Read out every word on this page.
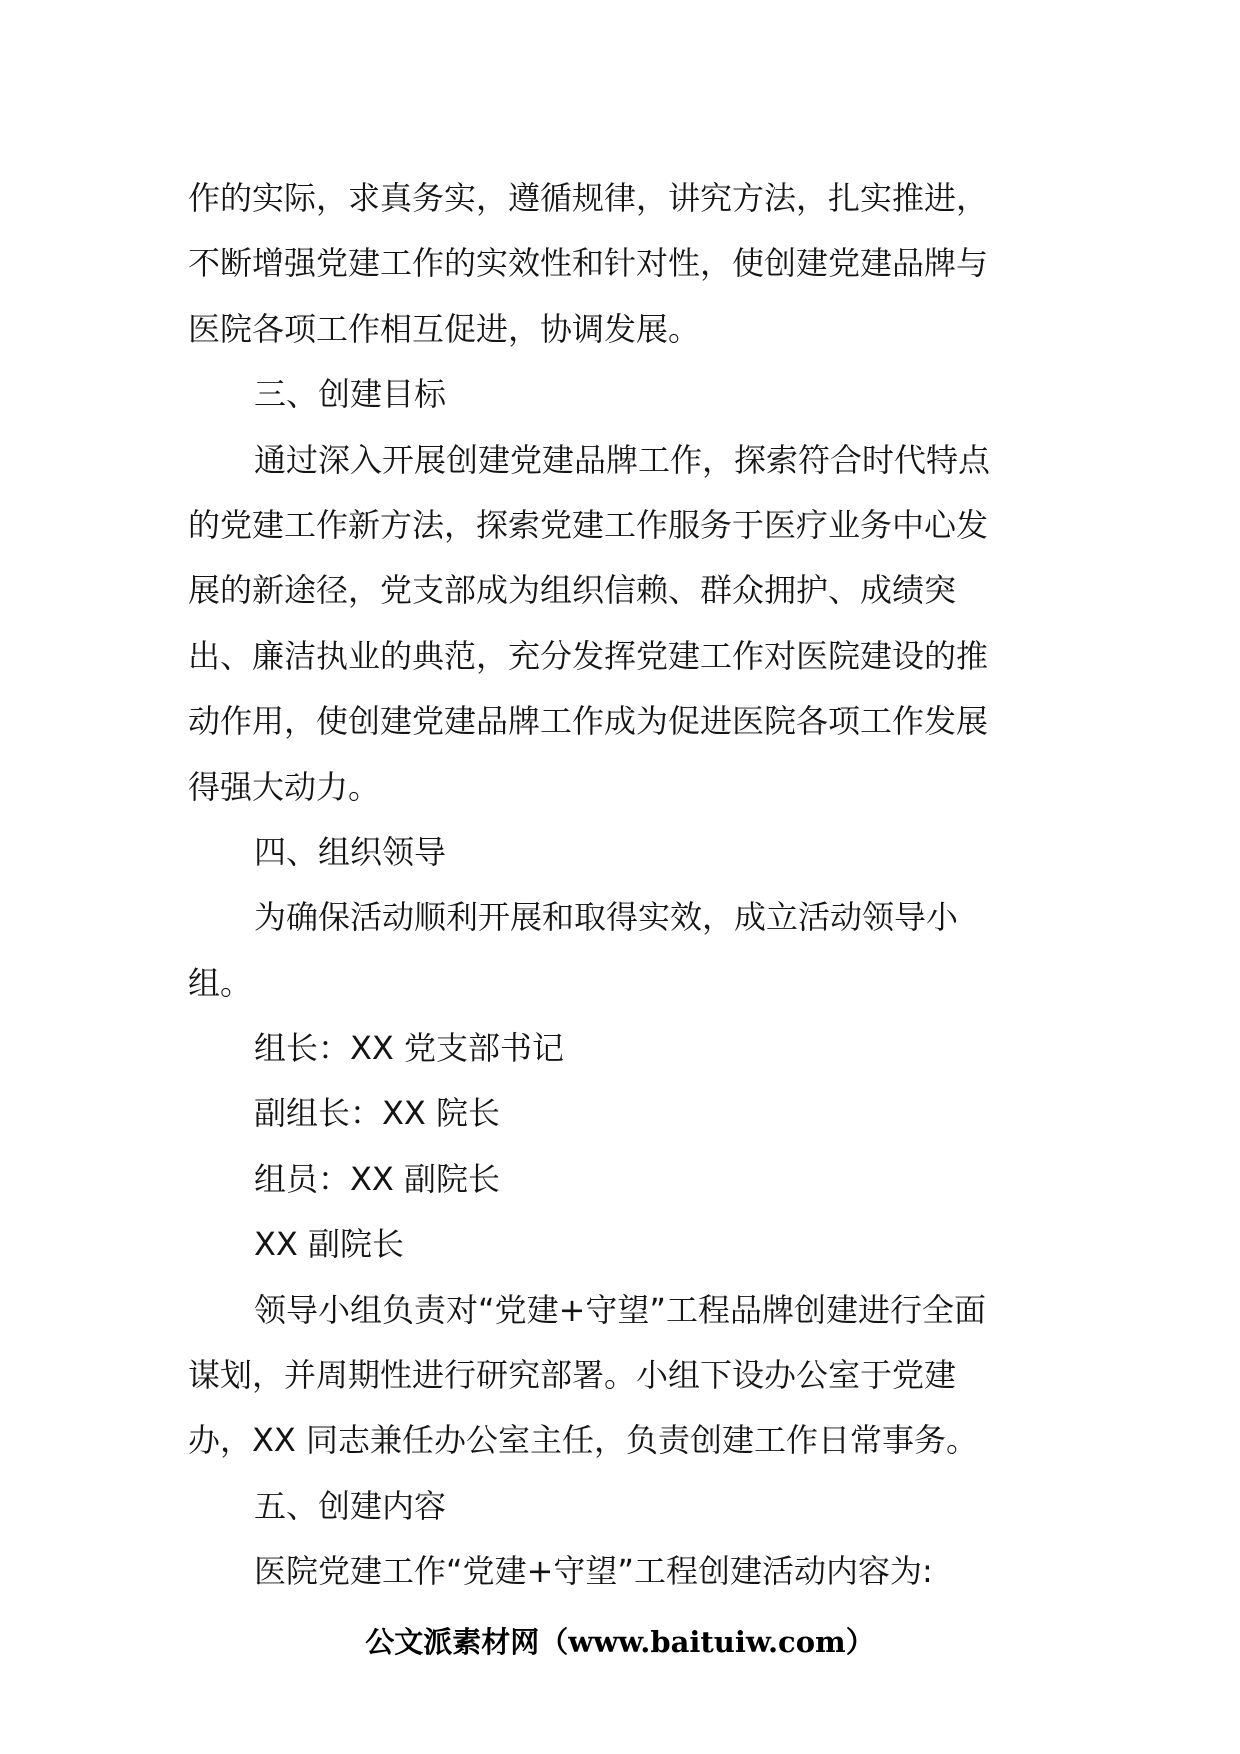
作的实际，求真务实，遵循规律，讲究方法，扎实推进，
不断增强党建工作的实效性和针对性，使创建党建品牌与
医院各项工作相互促进，协调发展。
三、创建目标
通过深入开展创建党建品牌工作，探索符合时代特点
的党建工作新方法，探索党建工作服务于医疗业务中心发
展的新途径，党支部成为组织信赖、群众拥护、成绩突
出、廉洁执业的典范，充分发挥党建工作对医院建设的推
动作用，使创建党建品牌工作成为促进医院各项工作发展
得强大动力。
四、组织领导
为确保活动顺利开展和取得实效，成立活动领导小
组。
组长：XX 党支部书记
副组长：XX 院长
组员：XX 副院长
XX 副院长
领导小组负责对“党建+守望”工程品牌创建进行全面
谋划，并周期性进行研究部署。小组下设办公室于党建
办，XX 同志兼任办公室主任，负责创建工作日常事务。
五、创建内容
医院党建工作“党建+守望”工程创建活动内容为:
公文派素材网（www.baituiw.com）
